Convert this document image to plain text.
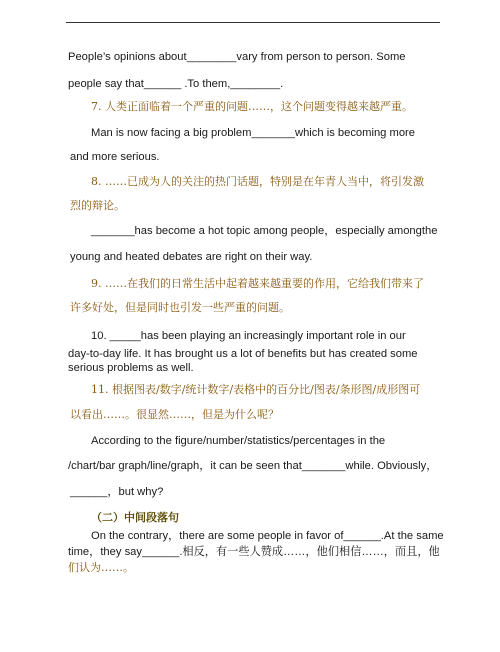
People’s opinions about________vary from person to person. Some
people say that______ .To them,________.
7. 人类正面临着一个严重的问题……，这个问题变得越来越严重。
Man is now facing a big problem_______which is becoming more
and more serious.
8. ……已成为人的关注的热门话题，特别是在年青人当中，将引发激
烈的辩论。
_______has become a hot topic among people，especially amongthe
young and heated debates are right on their way.
9. ……在我们的日常生活中起着越来越重要的作用，它给我们带来了
许多好处，但是同时也引发一些严重的问题。
10. _____has been playing an increasingly important role in our
day-to-day life. It has brought us a lot of benefits but has created some
serious problems as well.
11. 根据图表/数字/统计数字/表格中的百分比/图表/条形图/成形图可
以看出……。很显然……，但是为什么呢？
According to the figure/number/statistics/percentages in the
/chart/bar graph/line/graph，it can be seen that_______while. Obviously，
______，but why?
（二）中间段落句
On the contrary，there are some people in favor of______.At the same
time，they say______.相反，有一些人赞成……，他们相信……，而且，他
们认为……。
